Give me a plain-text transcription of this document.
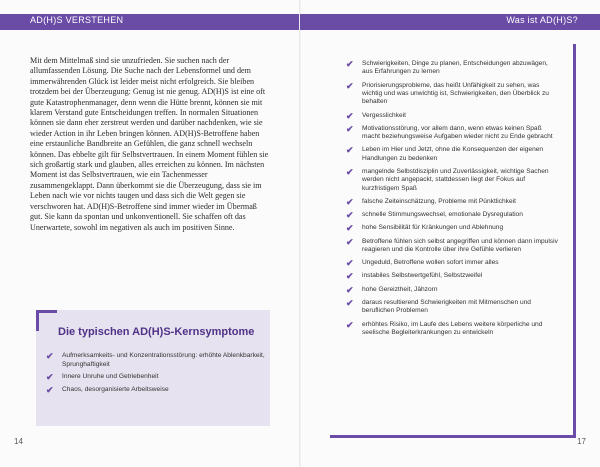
AD(H)S VERSTEHEN

Mit dem Mittelmaß sind sie unzufrieden. Sie suchen nach der allumfassenden Lösung. Die Suche nach der Lebensformel und dem immerwährenden Glück ist leider meist nicht erfolgreich. Sie bleiben trotzdem bei der Überzeugung: Genug ist nie genug. AD(H)S ist eine oft gute Katastrophenmanager, denn wenn die Hütte brennt, können sie mit klarem Verstand gute Entscheidungen treffen. In normalen Situationen können sie dann eher zerstreut werden und darüber nachdenken, wie sie wieder Action in ihr Leben bringen können. AD(H)S-Betroffene haben eine erstaunliche Bandbreite an Gefühlen, die ganz schnell wechseln können. Das ebbelte gilt für Selbstvertrauen. In einem Moment fühlen sie sich großartig stark und glauben, alles erreichen zu können. Im nächsten Moment ist das Selbstvertrauen, wie ein Tachenmesser zusammengeklappt. Dann überkommt sie die Überzeugung, dass sie im Leben nach wie vor nichts taugen und dass sich die Welt gegen sie verschworen hat. AD(H)S-Betroffene sind immer wieder im Übermaß gut. Sie kann da spontan und unkonventionell. Sie schaffen oft das Unerwartete, sowohl im negativen als auch im positiven Sinne.

Die typischen AD(H)S-Kernsymptome
✔ Aufmerksamkeits- und Konzentrationsstörung: erhöhte Ablenkbarkeit, Sprunghaftigkeit
✔ Innere Unruhe und Getriebenheit
✔ Chaos, desorganisierte Arbeitsweise
14
Was ist AD(H)S?
✔ Schwierigkeiten, Dinge zu planen, Entscheidungen abzuwägen, aus Erfahrungen zu lernen
✔ Priorisierungsprobleme, das heißt Unfähigkeit zu sehen, was wichtig und was unwichtig ist, Schwierigkeiten, den Überblick zu behalten
✔ Vergesslichkeit
✔ Motivationsstörung, vor allem dann, wenn etwas keinen Spaß macht beziehungsweise Aufgaben wieder nicht zu Ende gebracht
✔ Leben im Hier und Jetzt, ohne die Konsequenzen der eigenen Handlungen zu bedenken
✔ mangelnde Selbstdisziplin und Zuverlässigkeit, wichtige Sachen werden nicht angepackt, stattdessen liegt der Fokus auf kurzfristigem Spaß
✔ falsche Zeiteinschätzung, Probleme mit Pünktlichkeit
✔ schnelle Stimmungswechsel, emotionale Dysregulation
✔ hohe Sensibilität für Kränkungen und Ablehnung
✔ Betroffene fühlen sich selbst angegriffen und können dann impulsiv reagieren und die Kontrolle über ihre Gefühle verlieren
✔ Ungeduld, Betroffene wollen sofort immer alles
✔ instabiles Selbstwertgefühl, Selbstzweifel
✔ hohe Gereiztheit, Jähzorn
✔ daraus resultierend Schwierigkeiten mit Mitmenschen und beruflichen Problemen
✔ erhöhtes Risiko, im Laufe des Lebens weitere körperliche und seelische Begleiterkrankungen zu entwickeln
17
